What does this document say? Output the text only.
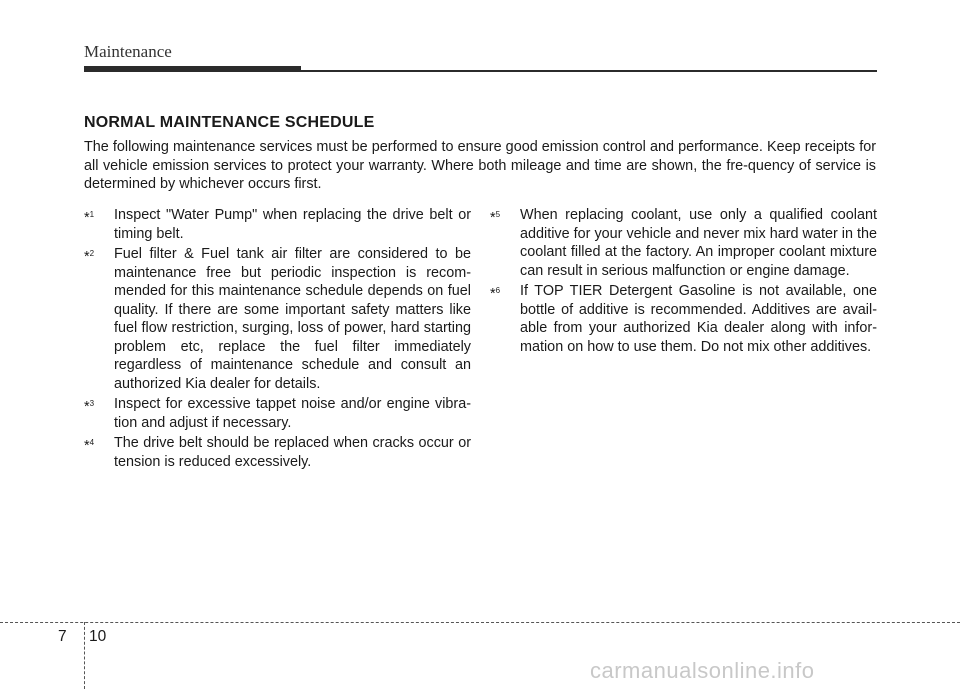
Maintenance
NORMAL MAINTENANCE SCHEDULE

The following maintenance services must be performed to ensure good emission control and performance. Keep receipts for all vehicle emission services to protect your warranty. Where both mileage and time are shown, the fre-quency of service is determined by whichever occurs first.

*$^1$ Inspect "Water Pump" when replacing the drive belt or timing belt.

*$^2$ Fuel filter & Fuel tank air filter are considered to be maintenance free but periodic inspection is recom-mended for this maintenance schedule depends on fuel quality. If there are some important safety matters like fuel flow restriction, surging, loss of power, hard starting problem etc, replace the fuel filter immediately regardless of maintenance schedule and consult an authorized Kia dealer for details.

*$^3$ Inspect for excessive tappet noise and/or engine vibra-tion and adjust if necessary.

*$^4$ The drive belt should be replaced when cracks occur or tension is reduced excessively.

*$^5$ When replacing coolant, use only a qualified coolant additive for your vehicle and never mix hard water in the coolant filled at the factory. An improper coolant mixture can result in serious malfunction or engine damage.

*$^6$ If TOP TIER Detergent Gasoline is not available, one bottle of additive is recommended. Additives are avail-able from your authorized Kia dealer along with infor-mation on how to use them. Do not mix other additives.

7 10
carmanualsonline.info
